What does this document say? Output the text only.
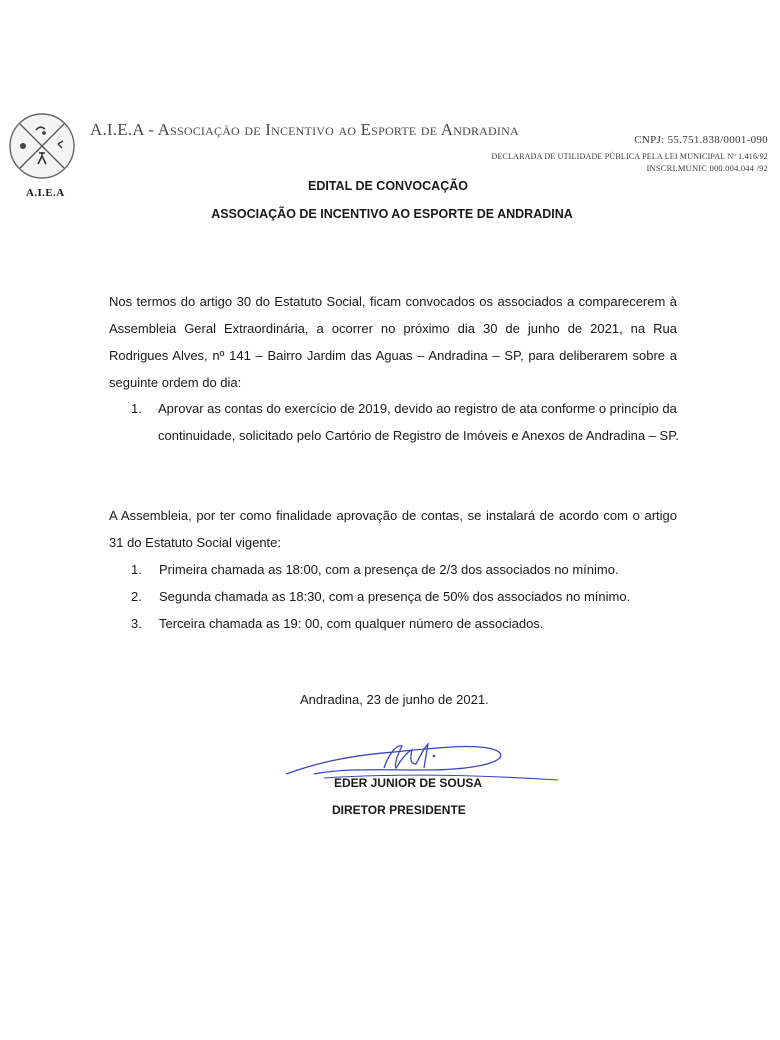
A.I.E.A
A.I.E.A - Associação de Incentivo ao Esporte de Andradina
CNPJ: 55.751.838/0001-090
DECLARADA DE UTILIDADE PÚBLICA PELA LEI MUNICIPAL Nº 1.416/92
INSCRI.MUNIC 000.004.044 /92
EDITAL DE CONVOCAÇÃO
ASSOCIAÇÃO DE INCENTIVO AO ESPORTE DE ANDRADINA
Nos termos do artigo 30 do Estatuto Social, ficam convocados os associados a comparecerem à Assembleia Geral Extraordinária, a ocorrer no próximo dia 30 de junho de 2021, na Rua Rodrigues Alves, nº 141 – Bairro Jardim das Aguas – Andradina – SP, para deliberarem sobre a seguinte ordem do dia:
1. Aprovar as contas do exercício de 2019, devido ao registro de ata conforme o princípio da continuidade, solicitado pelo Cartório de Registro de Imóveis e Anexos de Andradina – SP.
A Assembleia, por ter como finalidade aprovação de contas, se instalará de acordo com o artigo 31 do Estatuto Social vigente:
1. Primeira chamada as 18:00, com a presença de 2/3 dos associados no mínimo.
2. Segunda chamada as 18:30, com a presença de 50% dos associados no mínimo.
3. Terceira chamada as 19: 00, com qualquer número de associados.
Andradina, 23 de junho de 2021.
EDER JUNIOR DE SOUSA
DIRETOR PRESIDENTE
